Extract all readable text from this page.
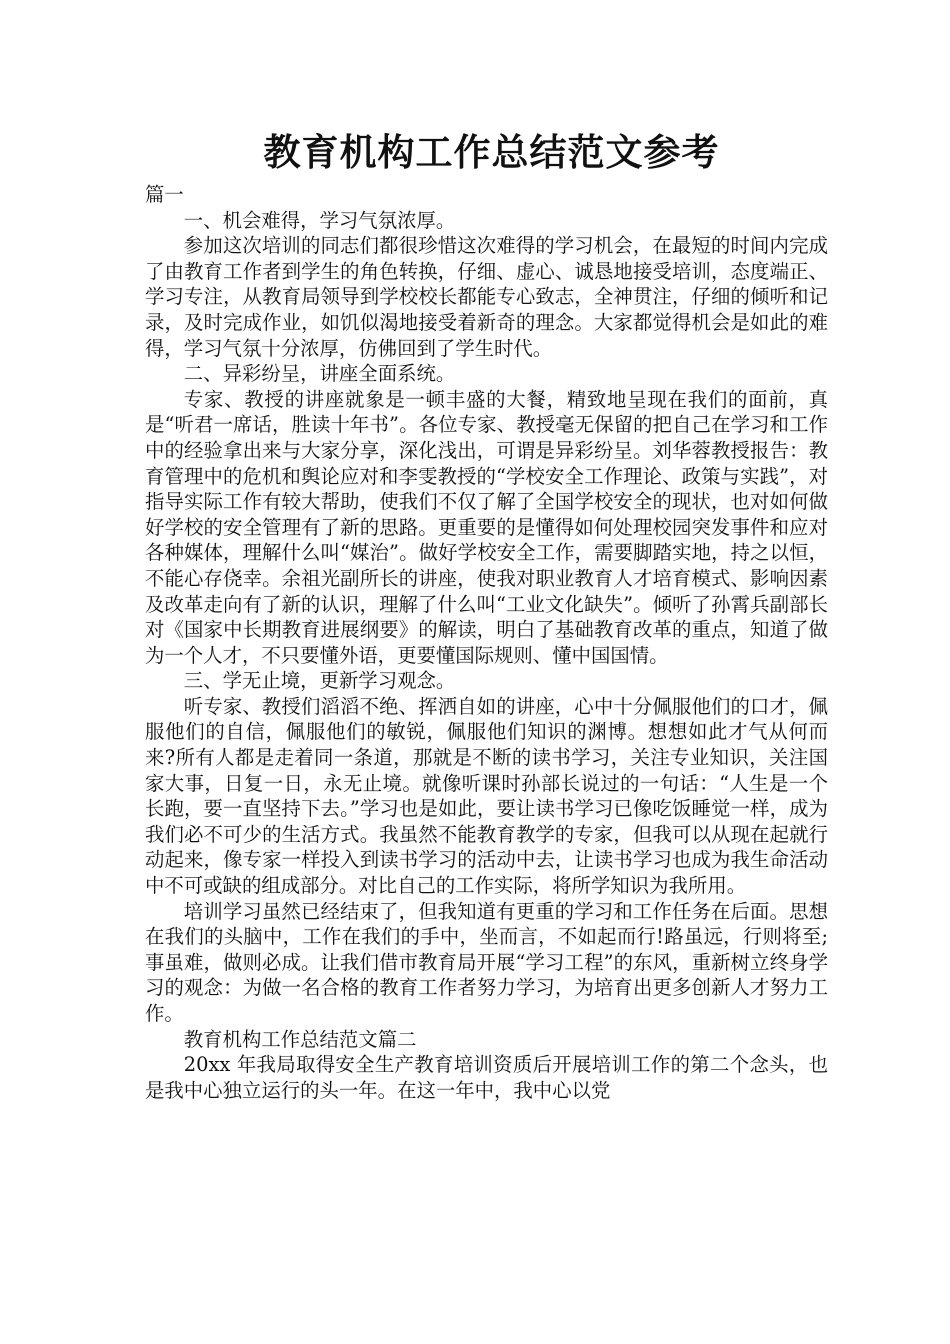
教育机构工作总结范文参考
篇一

一、机会难得，学习气氛浓厚。

参加这次培训的同志们都很珍惜这次难得的学习机会，在最短的时间内完成了由教育工作者到学生的角色转换，仔细、虚心、诚恳地接受培训，态度端正、学习专注，从教育局领导到学校校长都能专心致志，全神贯注，仔细的倾听和记录，及时完成作业，如饥似渴地接受着新奇的理念。大家都觉得机会是如此的难得，学习气氛十分浓厚，仿佛回到了学生时代。

二、异彩纷呈，讲座全面系统。

专家、教授的讲座就象是一顿丰盛的大餐，精致地呈现在我们的面前，真是“听君一席话，胜读十年书”。各位专家、教授毫无保留的把自己在学习和工作中的经验拿出来与大家分享，深化浅出，可谓是异彩纷呈。刘华蓉教授报告：教育管理中的危机和舆论应对和李雯教授的“学校安全工作理论、政策与实践”，对指导实际工作有较大帮助，使我们不仅了解了全国学校安全的现状，也对如何做好学校的安全管理有了新的思路。更重要的是懂得如何处理校园突发事件和应对各种媒体，理解什么叫“媒治”。做好学校安全工作，需要脚踏实地，持之以恒，不能心存侥幸。余祖光副所长的讲座，使我对职业教育人才培育模式、影响因素及改革走向有了新的认识，理解了什么叫“工业文化缺失”。倾听了孙霄兵副部长对《国家中长期教育进展纲要》的解读，明白了基础教育改革的重点，知道了做为一个人才，不只要懂外语，更要懂国际规则、懂中国国情。

三、学无止境，更新学习观念。

听专家、教授们滔滔不绝、挥洒自如的讲座，心中十分佩服他们的口才，佩服他们的自信，佩服他们的敏锐，佩服他们知识的渊博。想想如此才气从何而来?所有人都是走着同一条道，那就是不断的读书学习，关注专业知识，关注国家大事，日复一日，永无止境。就像听课时孙部长说过的一句话：“人生是一个长跑，要一直坚持下去。”学习也是如此，要让读书学习已像吃饭睡觉一样，成为我们必不可少的生活方式。我虽然不能教育教学的专家，但我可以从现在起就行动起来，像专家一样投入到读书学习的活动中去，让读书学习也成为我生命活动中不可或缺的组成部分。对比自己的工作实际，将所学知识为我所用。

培训学习虽然已经结束了，但我知道有更重的学习和工作任务在后面。思想在我们的头脑中，工作在我们的手中，坐而言，不如起而行!路虽远，行则将至;事虽难，做则必成。让我们借市教育局开展“学习工程”的东风，重新树立终身学习的观念：为做一名合格的教育工作者努力学习，为培育出更多创新人才努力工作。

教育机构工作总结范文篇二

20xx 年我局取得安全生产教育培训资质后开展培训工作的第二个念头，也是我中心独立运行的头一年。在这一年中，我中心以党
